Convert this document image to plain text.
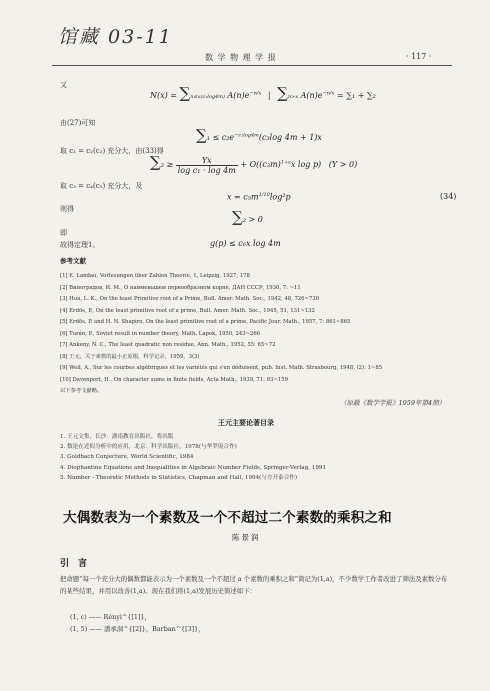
馆藏 03-11
数 学 物 理 学 报	· 117 ·
又
N(x) = ∑n≤x(c₁log4m) $A(n)e^{-n/x}$ | ∑n>x $A(n)e^{-n/x} = \sum_1 + \sum_2$
由(27)可知
$\sum_1 \le c_2e^{-c_1log4m}(c_3\log$ 4m + 1)x
取 c₁ = c₂(c₃) 充分大，由(33)得
$\sum_2 \ge \frac{Yx}{\text{log c₁ · log 4m}} + O((c_3m)^{1+\varepsilon}x$ log p)   (Y > 0)
取 c₃ = c₄(c₅) 充分大，及
$x = c_5m^{1/10}\log^2p$	(34)
则得	∑₂ > 0
即
故得定理1。	g(p) ≤ c₆x log 4m
参考文献
[1] E. Landau, Vorlesungen über Zahlen Theorie, 1, Leipzig, 1927, 178
[2] Виноградов, И. М., О наименьшем первообразном корне, ДАН СССР, 1930, 7: ~11
[3] Hua, L. K., On the least Primitive root of a Prime, Bull. Amer. Math. Soc., 1942, 48, 726~730
[4] Erdös, P., On the least primitive root of a prime, Bull. Amer. Math. Soc., 1945, 51, 131~132
[5] Erdös, P. and H. N. Shapiro, On the least primitive root of a prime, Pacific Jour. Math., 1957, 7: 861~865
[6] Turán, P., Soviet result in number theory, Math. Lapok, 1950, 243~266
[7] Ankeny, N. C., The least quadratic non residue, Ann. Math., 1952, 55: 65~72
[8] 王元，关于素数的最小正原根，科学记录，1959，3(3)
[9] Weil, A., Sur les courbes algébriques et les variétés qui s'en déduisent, pub. Inst. Math. Strasbourg, 1948, (2): 1~85
[10] Davenport, H., On character sums in finite fields, Acta Math., 1939, 71: 93~159
以下参考文献略。
（原载《数学学报》1959年第4期）
王元主要论著目录
1. 王元文集，长沙：湖南教育出版社，将出版
2. 数论在近似分析中的应用，北京：科学出版社，1978(与华罗庚合作)
3. Goldbach Conjecture, World Scientific, 1984
4. Diophantine Equations and Inequalities in Algebraic Number Fields, Springer-Verlag, 1991
5. Number - Theoretic Methods in Statistics, Chapman and Hall, 1994(与方开泰合作)
大偶数表为一个素数及一个不超过二个素数的乘积之和
陈景润
引　言
把命题“每一个充分大的偶数都能表示为一个素数及一个不超过 a 个素数的乘积之和”简记为(1,a)，不少数学工作者改进了筛法及素数分布的某些结果，并用以改善(1,a)。现在我们将(1,a)发展历史简述如下：
(1, c) —— Rényi^{[1]}，
(1, 5) —— 潘承洞^{[2]}，Barban^{[3]}，
